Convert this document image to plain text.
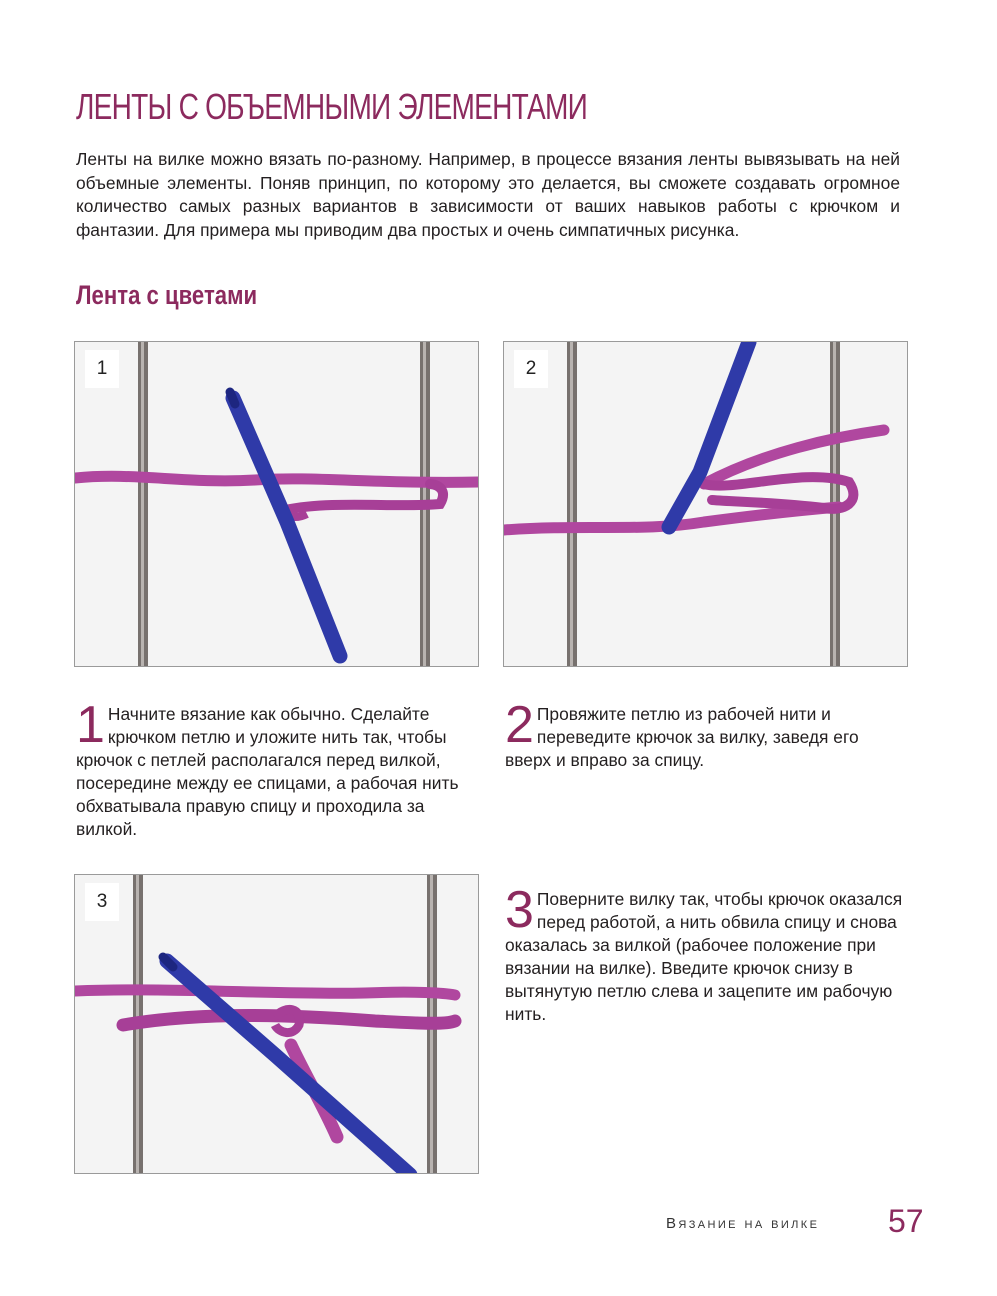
ЛЕНТЫ С ОБЪЕМНЫМИ ЭЛЕМЕНТАМИ

Ленты на вилке можно вязать по-разному. Например, в процессе вязания ленты вывязывать на ней объемные элементы. Поняв принцип, по которому это делается, вы сможете создавать огромное количество самых разных вариантов в зависимости от ваших навыков работы с крючком и фантазии. Для примера мы приводим два простых и очень симпатичных рисунка.

Лента с цветами
1	2

1 Начните вязание как обычно. Сделайте крючком петлю и уложите нить так, чтобы крючок с петлей располагался перед вилкой, посередине между ее спицами, а рабочая нить обхватывала правую спицу и проходила за вилкой.

2 Провяжите петлю из рабочей нити и переведите крючок за вилку, заведя его вверх и вправо за спицу.

3	3 Поверните вилку так, чтобы крючок оказался перед работой, а нить обвила спицу и снова оказалась за вилкой (рабочее положение при вязании на вилке). Введите крючок снизу в вытянутую петлю слева и зацепите им рабочую нить.

Вязание на вилке 57
